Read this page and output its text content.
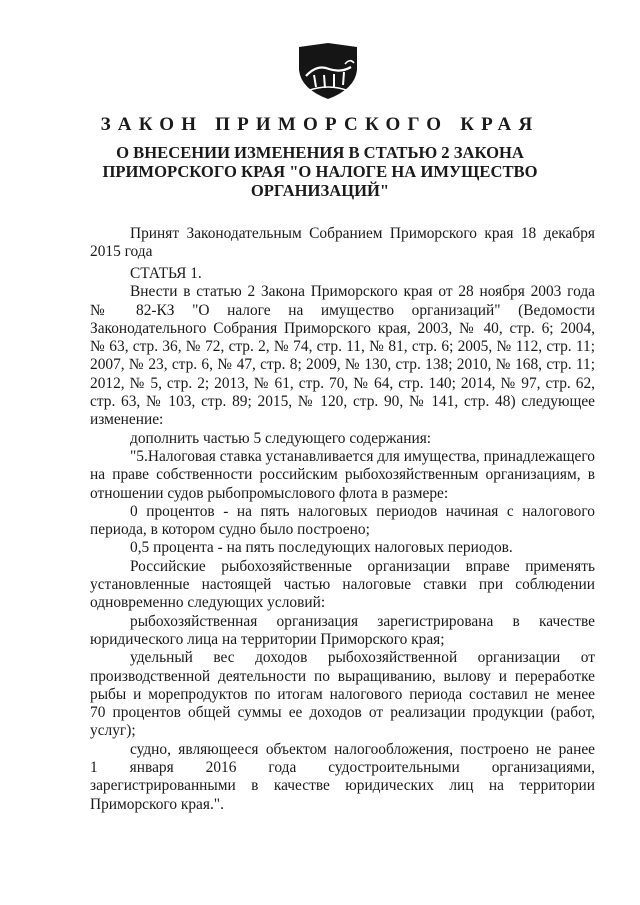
ЗАКОН ПРИМОРСКОГО КРАЯ
О ВНЕСЕНИИ ИЗМЕНЕНИЯ В СТАТЬЮ 2 ЗАКОНА
ПРИМОРСКОГО КРАЯ "О НАЛОГЕ НА ИМУЩЕСТВО
ОРГАНИЗАЦИЙ"
Принят Законодательным Собранием Приморского края 18 декабря
2015 года
СТАТЬЯ 1.
Внести в статью 2 Закона Приморского края от 28 ноября 2003 года
№ 82-КЗ "О налоге на имущество организаций" (Ведомости
Законодательного Собрания Приморского края, 2003, № 40, стр. 6; 2004,
№ 63, стр. 36, № 72, стр. 2, № 74, стр. 11, № 81, стр. 6; 2005, № 112, стр. 11;
2007, № 23, стр. 6, № 47, стр. 8; 2009, № 130, стр. 138; 2010, № 168, стр. 11;
2012, № 5, стр. 2; 2013, № 61, стр. 70, № 64, стр. 140; 2014, № 97, стр. 62,
стр. 63, № 103, стр. 89; 2015, № 120, стр. 90, № 141, стр. 48) следующее
изменение:
дополнить частью 5 следующего содержания:
"5.Налоговая ставка устанавливается для имущества, принадлежащего
на праве собственности российским рыбохозяйственным организациям, в
отношении судов рыбопромыслового флота в размере:
0 процентов - на пять налоговых периодов начиная с налогового
периода, в котором судно было построено;
0,5 процента - на пять последующих налоговых периодов.
Российские рыбохозяйственные организации вправе применять
установленные настоящей частью налоговые ставки при соблюдении
одновременно следующих условий:
рыбохозяйственная организация зарегистрирована в качестве
юридического лица на территории Приморского края;
удельный вес доходов рыбохозяйственной организации от
производственной деятельности по выращиванию, вылову и переработке
рыбы и морепродуктов по итогам налогового периода составил не менее
70 процентов общей суммы ее доходов от реализации продукции (работ,
услуг);
судно, являющееся объектом налогообложения, построено не ранее
1 января 2016 года судостроительными организациями,
зарегистрированными в качестве юридических лиц на территории
Приморского края.".
